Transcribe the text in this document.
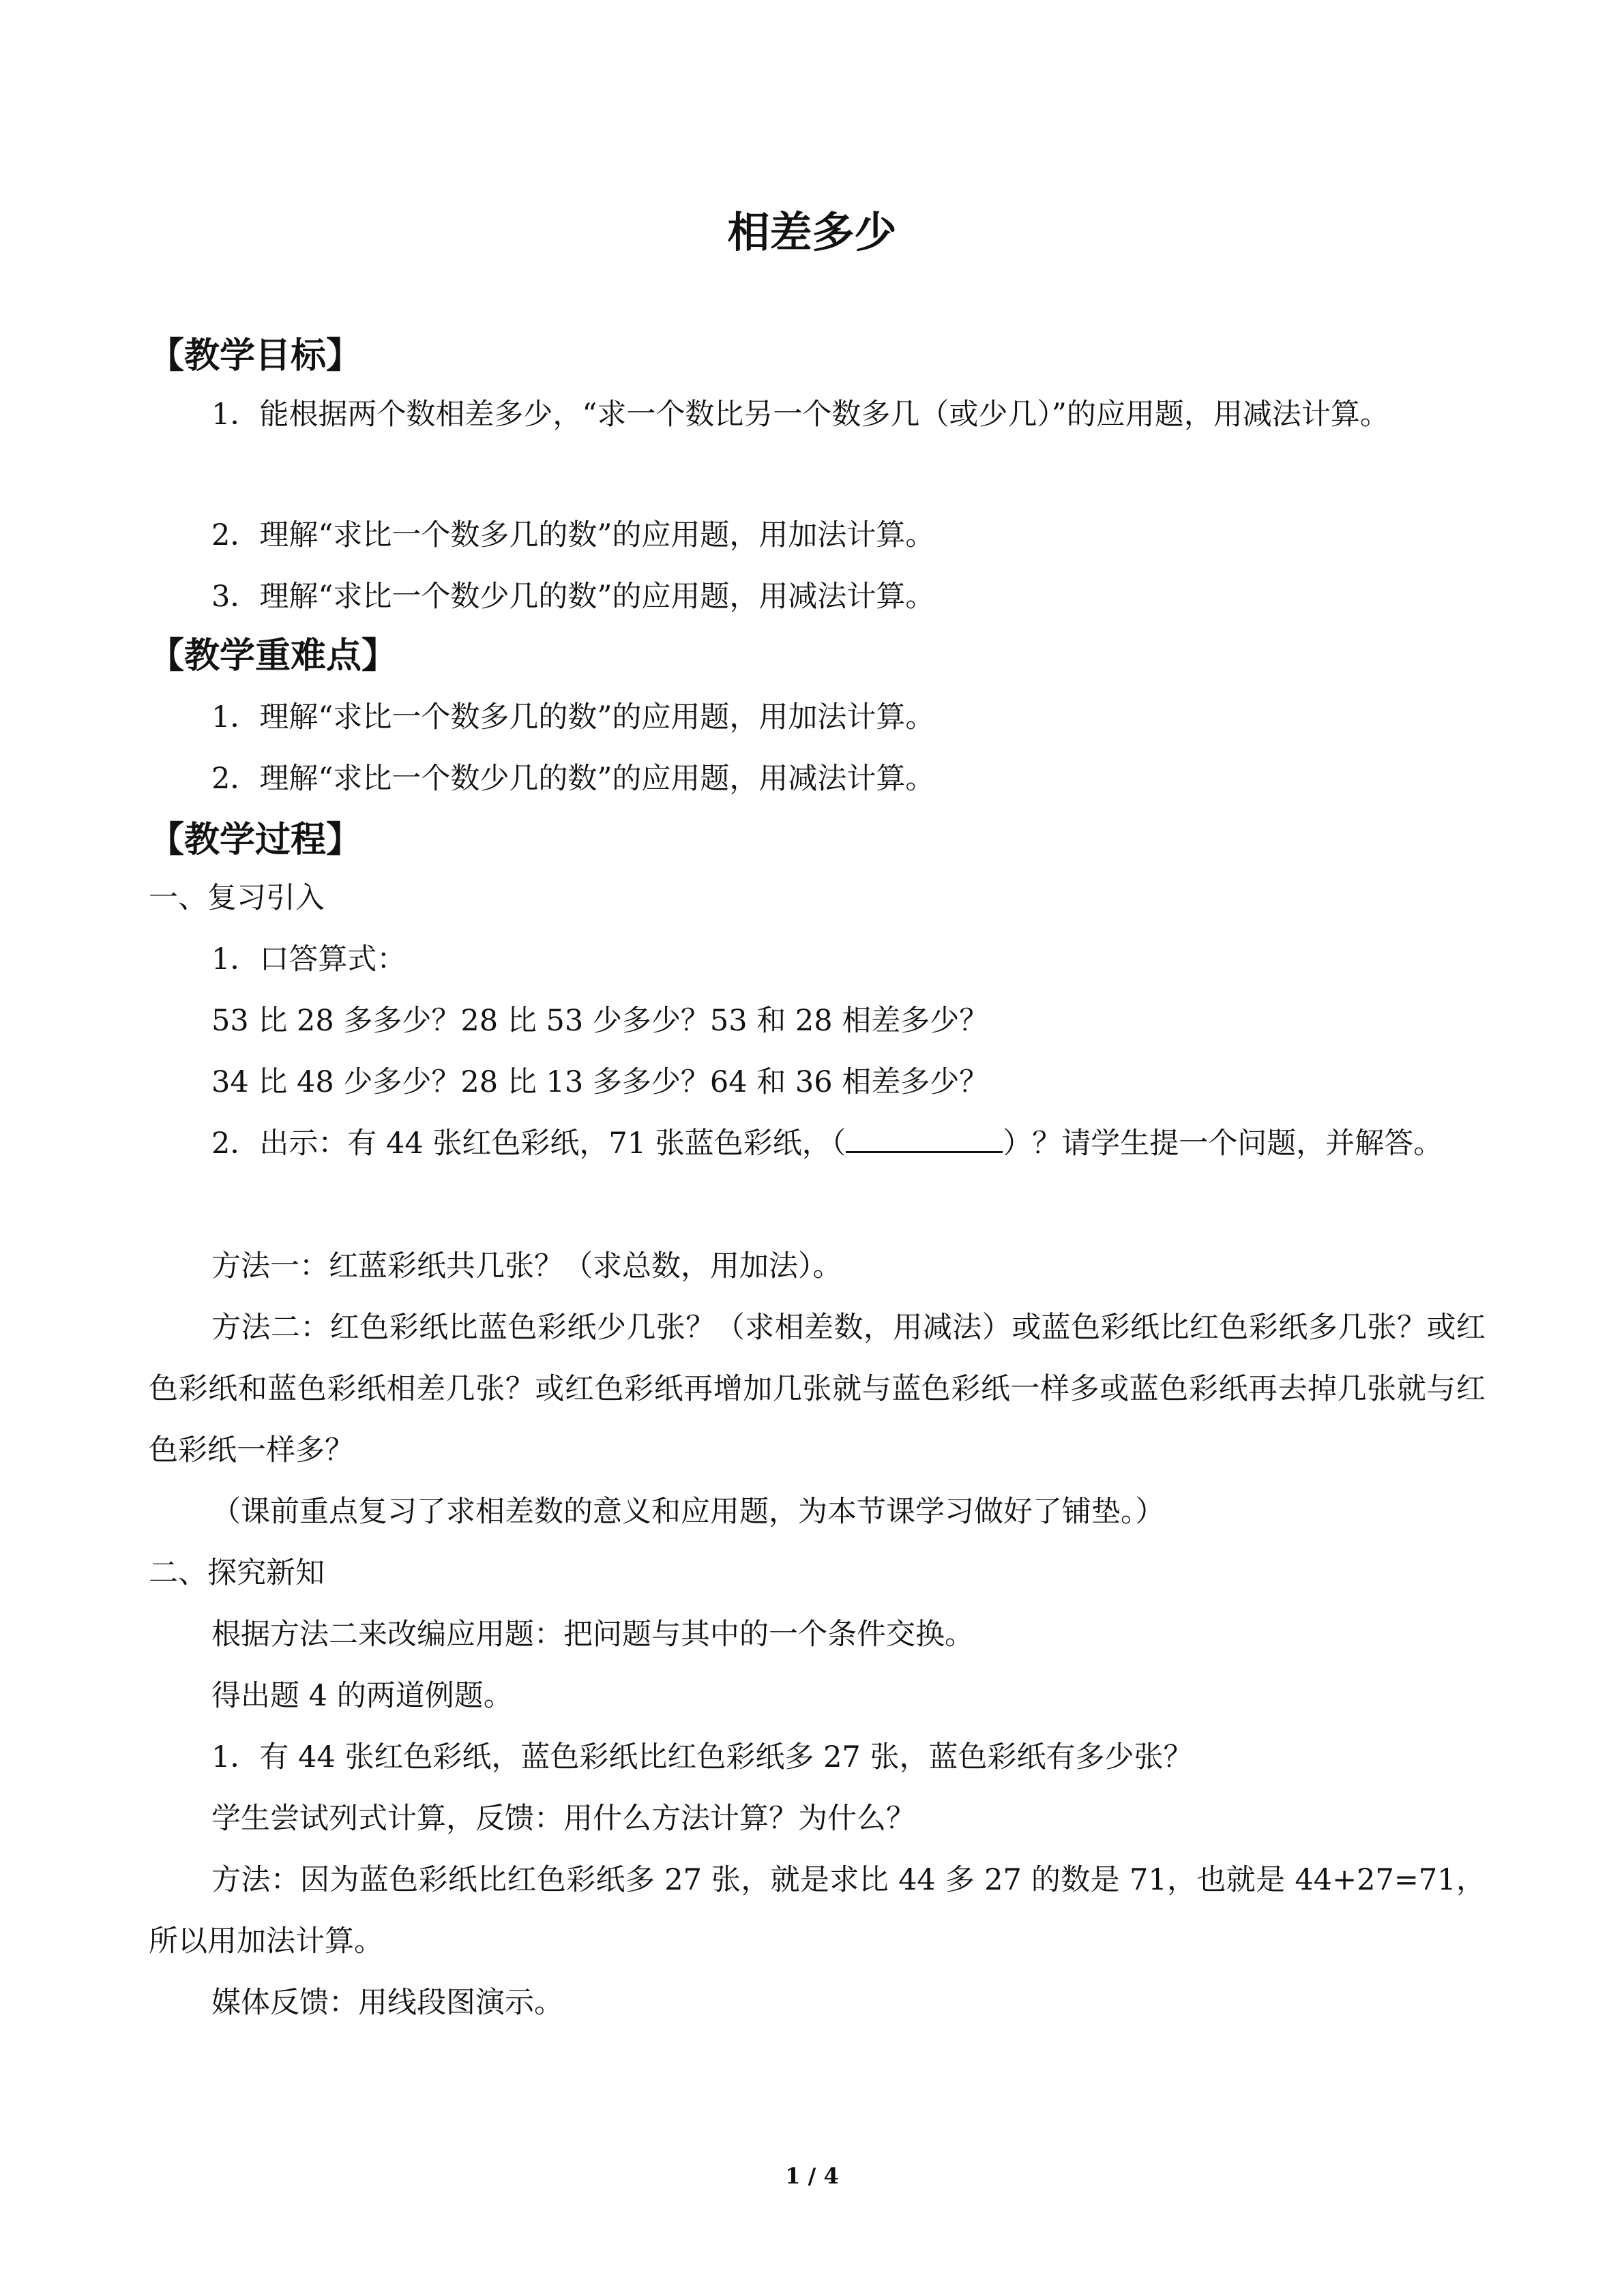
相差多少
【教学目标】

1．能根据两个数相差多少，“求一个数比另一个数多几（或少几）”的应用题，用减法计算。

2．理解“求比一个数多几的数”的应用题，用加法计算。
3．理解“求比一个数少几的数”的应用题，用减法计算。
【教学重难点】
1．理解“求比一个数多几的数”的应用题，用加法计算。
2．理解“求比一个数少几的数”的应用题，用减法计算。
【教学过程】
一、复习引入
1．口答算式：
53 比 28 多多少？28 比 53 少多少？53 和 28 相差多少？
34 比 48 少多少？28 比 13 多多少？64 和 36 相差多少？

2．出示：有 44 张红色彩纸，71 张蓝色彩纸，（	）？请学生提一个问题，并解答。

方法一：红蓝彩纸共几张？（求总数，用加法）。

方法二：红色彩纸比蓝色彩纸少几张？（求相差数，用减法）或蓝色彩纸比红色彩纸多几张？或红色彩纸和蓝色彩纸相差几张？或红色彩纸再增加几张就与蓝色彩纸一样多或蓝色彩纸再去掉几张就与红色彩纸一样多？

（课前重点复习了求相差数的意义和应用题，为本节课学习做好了铺垫。）
二、探究新知
根据方法二来改编应用题：把问题与其中的一个条件交换。
得出题 4 的两道例题。
1．有 44 张红色彩纸，蓝色彩纸比红色彩纸多 27 张，蓝色彩纸有多少张？
学生尝试列式计算，反馈：用什么方法计算？为什么？

方法：因为蓝色彩纸比红色彩纸多 27 张，就是求比 44 多 27 的数是 71，也就是 44+27=71，所以用加法计算。

媒体反馈：用线段图演示。
1 / 4
